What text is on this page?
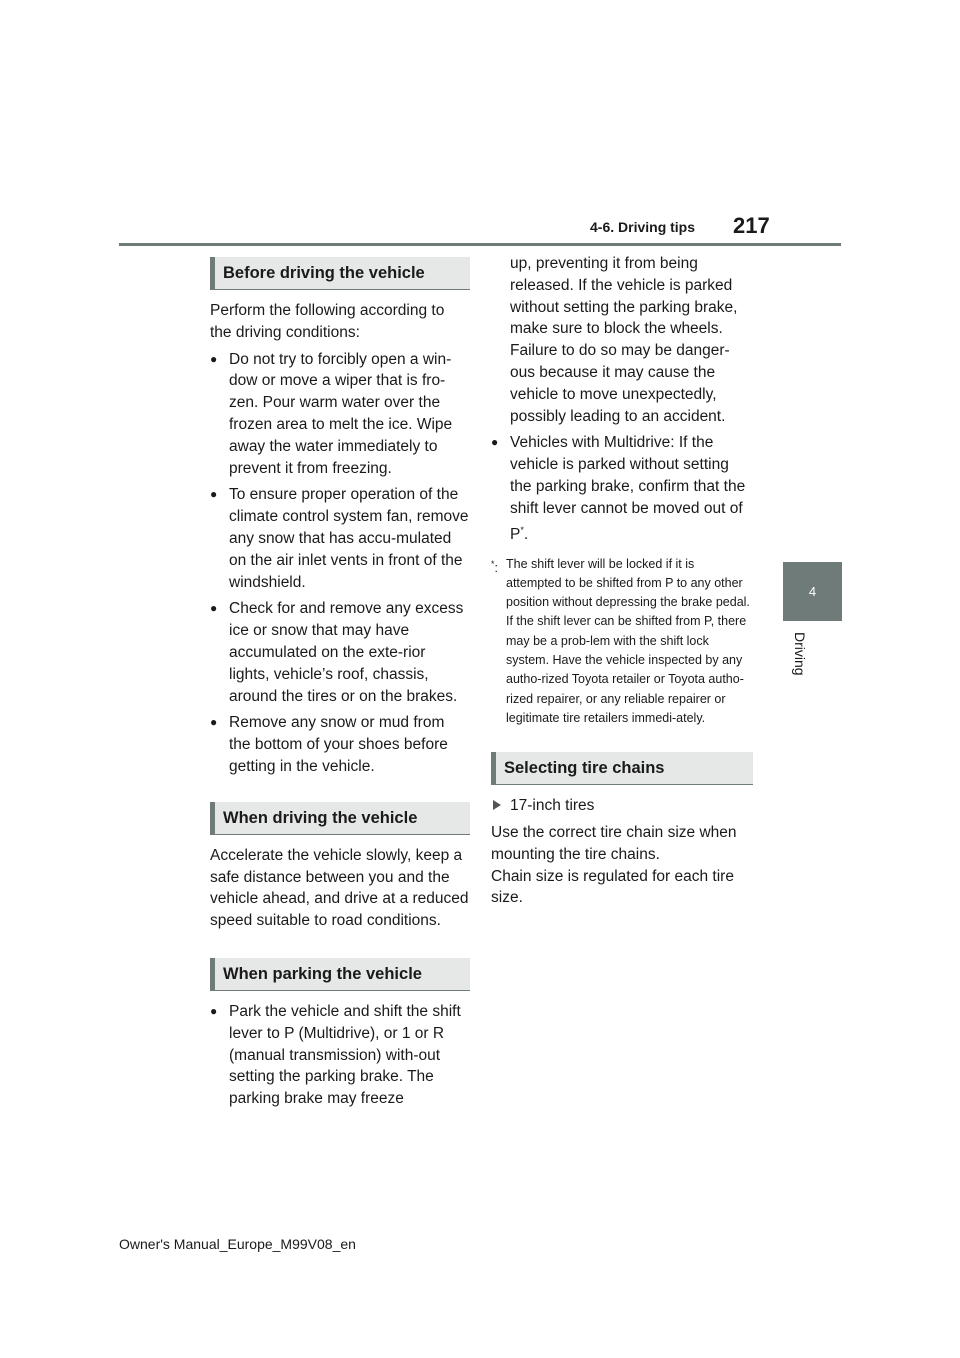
4-6. Driving tips 217
4
Driving
Before driving the vehicle

Perform the following according to the driving conditions:

● Do not try to forcibly open a win-dow or move a wiper that is fro-zen. Pour warm water over the frozen area to melt the ice. Wipe away the water immediately to prevent it from freezing.
● To ensure proper operation of the climate control system fan, remove any snow that has accu-mulated on the air inlet vents in front of the windshield.
● Check for and remove any excess ice or snow that may have accumulated on the exte-rior lights, vehicle’s roof, chassis, around the tires or on the brakes.
● Remove any snow or mud from the bottom of your shoes before getting in the vehicle.
When driving the vehicle

Accelerate the vehicle slowly, keep a safe distance between you and the vehicle ahead, and drive at a reduced speed suitable to road conditions.

When parking the vehicle
● Park the vehicle and shift the shift lever to P (Multidrive), or 1 or R (manual transmission) with-out setting the parking brake. The parking brake may freeze

up, preventing it from being released. If the vehicle is parked without setting the parking brake, make sure to block the wheels. Failure to do so may be danger-ous because it may cause the vehicle to move unexpectedly, possibly leading to an accident.

● Vehicles with Multidrive: If the vehicle is parked without setting the parking brake, confirm that the shift lever cannot be moved out of P*.
*: The shift lever will be locked if it is attempted to be shifted from P to any other position without depressing the brake pedal. If the shift lever can be shifted from P, there may be a prob-lem with the shift lock system. Have the vehicle inspected by any autho-rized Toyota retailer or Toyota autho-rized repairer, or any reliable repairer or legitimate tire retailers immedi-ately.
Selecting tire chains
17-inch tires

Use the correct tire chain size when mounting the tire chains.

Chain size is regulated for each tire size.

Owner's Manual_Europe_M99V08_en
